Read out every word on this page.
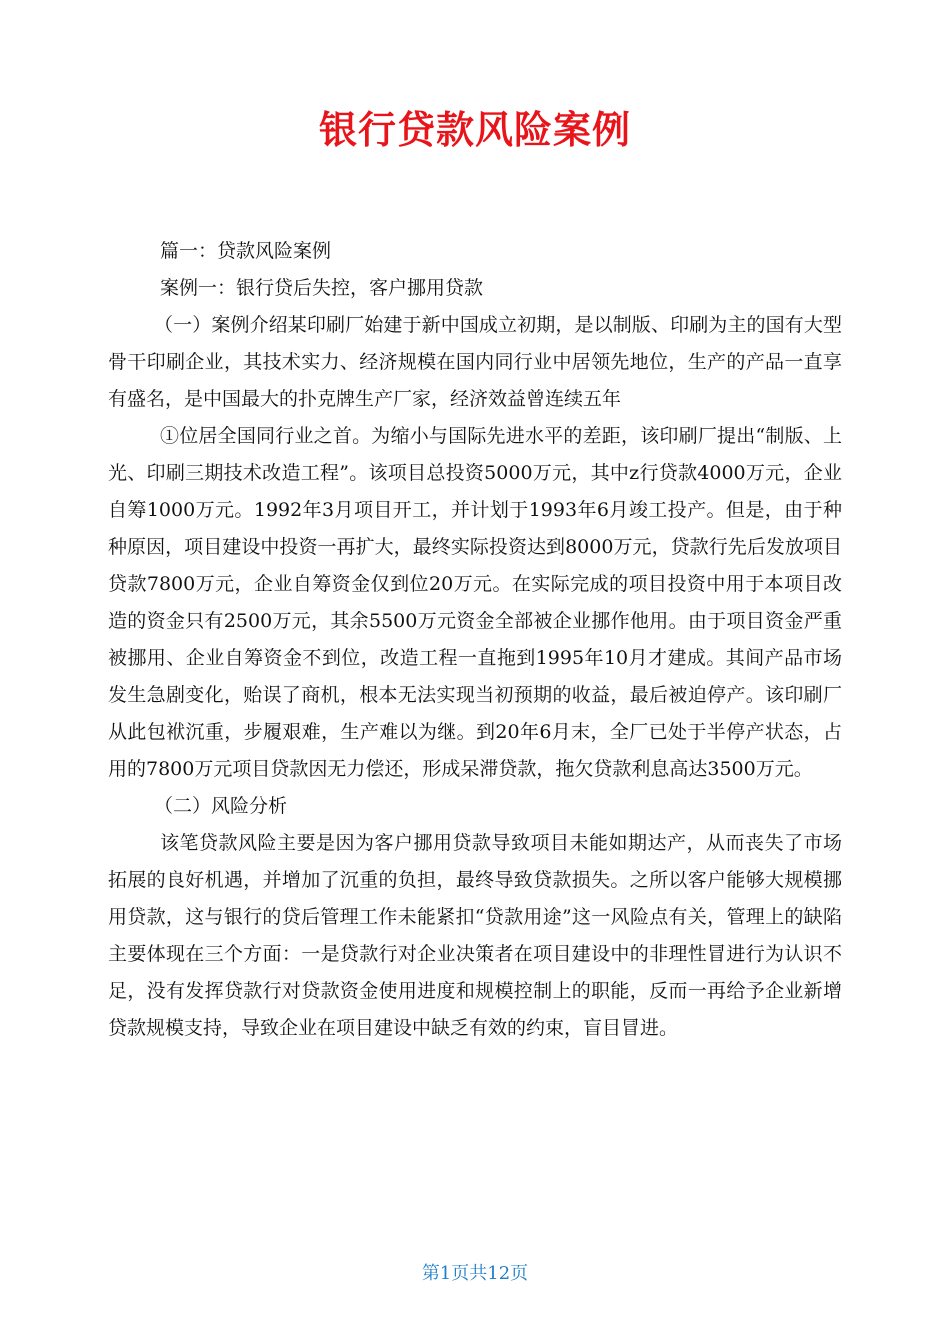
银行贷款风险案例

篇一：贷款风险案例

案例一：银行贷后失控，客户挪用贷款

（一）案例介绍某印刷厂始建于新中国成立初期，是以制版、印刷为主的国有大型骨干印刷企业，其技术实力、经济规模在国内同行业中居领先地位，生产的产品一直享有盛名，是中国最大的扑克牌生产厂家，经济效益曾连续五年

①位居全国同行业之首。为缩小与国际先进水平的差距，该印刷厂提出“制版、上光、印刷三期技术改造工程”。该项目总投资5000万元，其中z行贷款4000万元，企业自筹1000万元。1992年3月项目开工，并计划于1993年6月竣工投产。但是，由于种种原因，项目建设中投资一再扩大，最终实际投资达到8000万元，贷款行先后发放项目贷款7800万元，企业自筹资金仅到位20万元。在实际完成的项目投资中用于本项目改造的资金只有2500万元，其余5500万元资金全部被企业挪作他用。由于项目资金严重被挪用、企业自筹资金不到位，改造工程一直拖到1995年10月才建成。其间产品市场发生急剧变化，贻误了商机，根本无法实现当初预期的收益，最后被迫停产。该印刷厂从此包袱沉重，步履艰难，生产难以为继。到20年6月末，全厂已处于半停产状态，占用的7800万元项目贷款因无力偿还，形成呆滞贷款，拖欠贷款利息高达3500万元。

（二）风险分析

该笔贷款风险主要是因为客户挪用贷款导致项目未能如期达产，从而丧失了市场拓展的良好机遇，并增加了沉重的负担，最终导致贷款损失。之所以客户能够大规模挪用贷款，这与银行的贷后管理工作未能紧扣“贷款用途”这一风险点有关，管理上的缺陷主要体现在三个方面：一是贷款行对企业决策者在项目建设中的非理性冒进行为认识不足，没有发挥贷款行对贷款资金使用进度和规模控制上的职能，反而一再给予企业新增贷款规模支持，导致企业在项目建设中缺乏有效的约束，盲目冒进。

第1页共12页
